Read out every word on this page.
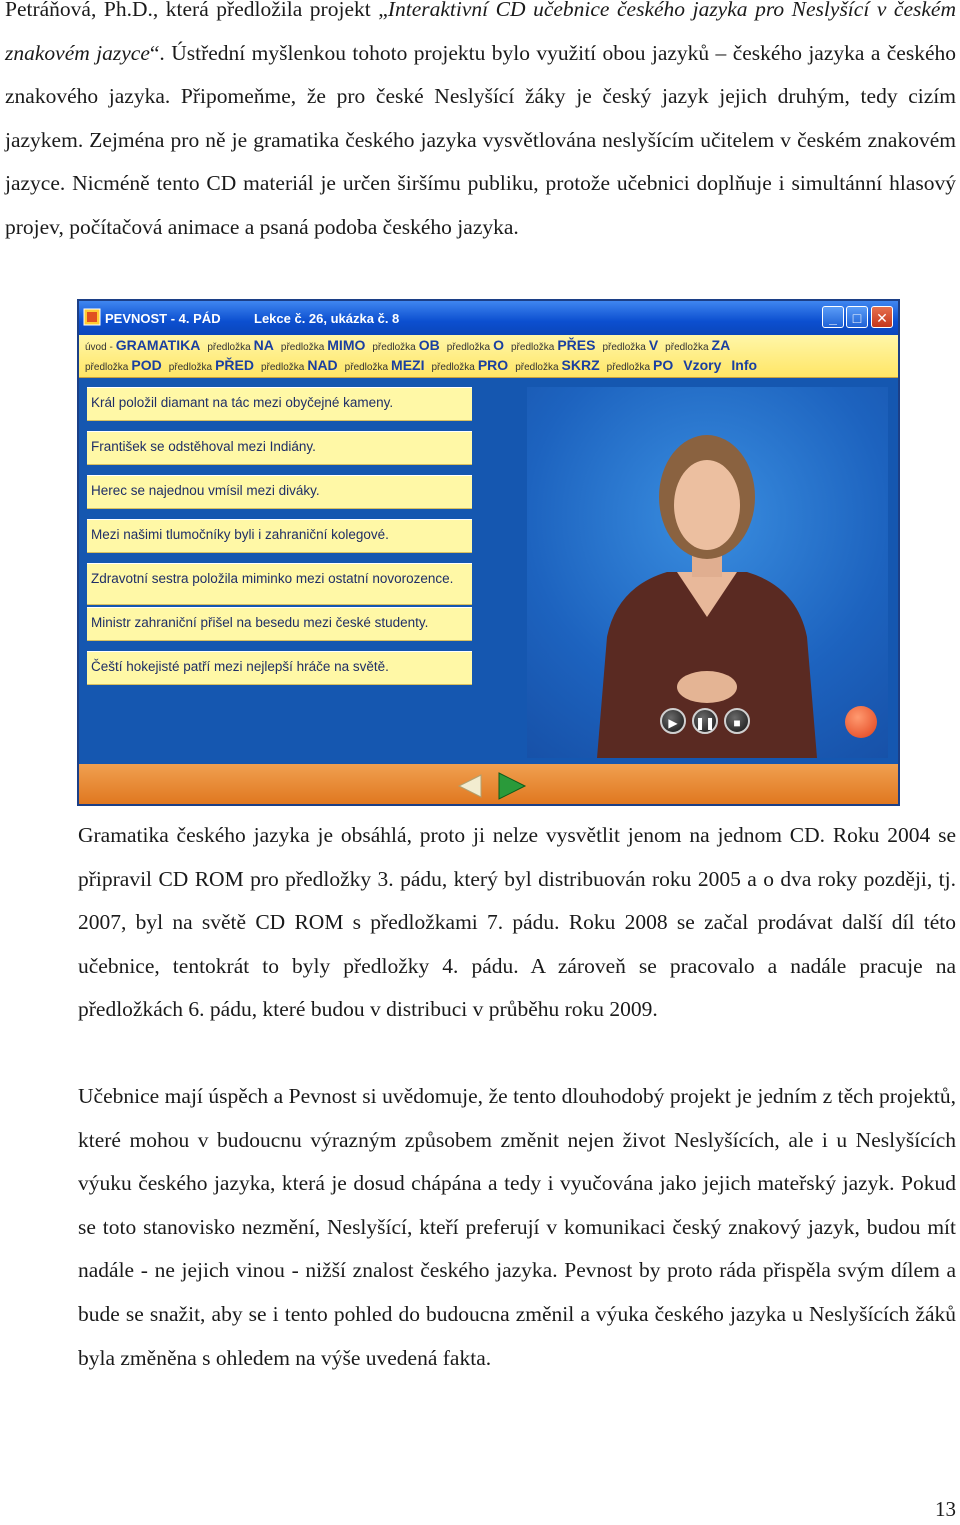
Petráňová, Ph.D., která předložila projekt „Interaktivní CD učebnice českého jazyka pro Neslyšící v českém znakovém jazyce“. Ústřední myšlenkou tohoto projektu bylo využití obou jazyků – českého jazyka a českého znakového jazyka. Připomeňme, že pro české Neslyšící žáky je český jazyk jejich druhým, tedy cizím jazykem. Zejména pro ně je gramatika českého jazyka vysvětlována neslyšícím učitelem v českém znakovém jazyce. Nicméně tento CD materiál je určen širšímu publiku, protože učebnici doplňuje i simultánní hlasový projev, počítačová animace a psaná podoba českého jazyka.

PEVNOST - 4. PÁD	Lekce č. 26, ukázka č. 8	_	□	✕
úvod - GRAMATIKA předložka NA předložka MIMO předložka OB předložka O předložka PŘES předložka V předložka ZA
předložka POD předložka PŘED předložka NAD předložka MEZI předložka PRO předložka SKRZ předložka PO Vzory Info
Král položil diamant na tác mezi obyčejné kameny.
František se odstěhoval mezi Indiány.
Herec se najednou vmísil mezi diváky.
Mezi našimi tlumočníky byli i zahraniční kolegové.
Zdravotní sestra položila miminko mezi ostatní novorozence.
Ministr zahraniční přišel na besedu mezi české studenty.
Čeští hokejisté patří mezi nejlepší hráče na světě.
▶	❚❚	■

Gramatika českého jazyka je obsáhlá, proto ji nelze vysvětlit jenom na jednom CD. Roku 2004 se připravil CD ROM pro předložky 3. pádu, který byl distribuován roku 2005 a o dva roky později, tj. 2007, byl na světě CD ROM s předložkami 7. pádu. Roku 2008 se začal prodávat další díl této učebnice, tentokrát to byly předložky 4. pádu. A zároveň se pracovalo a nadále pracuje na předložkách 6. pádu, které budou v distribuci v průběhu roku 2009.

Učebnice mají úspěch a Pevnost si uvědomuje, že tento dlouhodobý projekt je jedním z těch projektů, které mohou v budoucnu výrazným způsobem změnit nejen život Neslyšících, ale i u Neslyšících výuku českého jazyka, která je dosud chápána a tedy i vyučována jako jejich mateřský jazyk. Pokud se toto stanovisko nezmění, Neslyšící, kteří preferují v komunikaci český znakový jazyk, budou mít nadále - ne jejich vinou - nižší znalost českého jazyka. Pevnost by proto ráda přispěla svým dílem a bude se snažit, aby se i tento pohled do budoucna změnil a výuka českého jazyka u Neslyšících žáků byla změněna s ohledem na výše uvedená fakta.

13
